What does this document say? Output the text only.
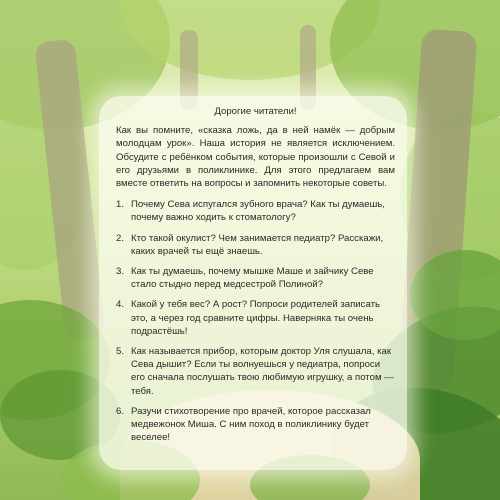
Дорогие читатели!

Как вы помните, «сказка ложь, да в ней намёк — добрым молодцам урок». Наша история не является исключением. Обсудите с ребёнком события, которые произошли с Севой и его друзьями в поликлинике. Для этого предлагаем вам вместе ответить на вопросы и запомнить некоторые советы.

1. Почему Сева испугался зубного врача? Как ты думаешь, почему важно ходить к стоматологу?
2. Кто такой окулист? Чем занимается педиатр? Расскажи, каких врачей ты ещё знаешь.
3. Как ты думаешь, почему мышке Маше и зайчику Севе стало стыдно перед медсестрой Полиной?
4. Какой у тебя вес? А рост? Попроси родителей записать это, а через год сравните цифры. Наверняка ты очень подрастёшь!
5. Как называется прибор, которым доктор Уля слушала, как Сева дышит? Если ты волнуешься у педиатра, попроси его сначала послушать твою любимую игрушку, а потом — тебя.
6. Разучи стихотворение про врачей, которое рассказал медвежонок Миша. С ним поход в поликлинику будет веселее!
